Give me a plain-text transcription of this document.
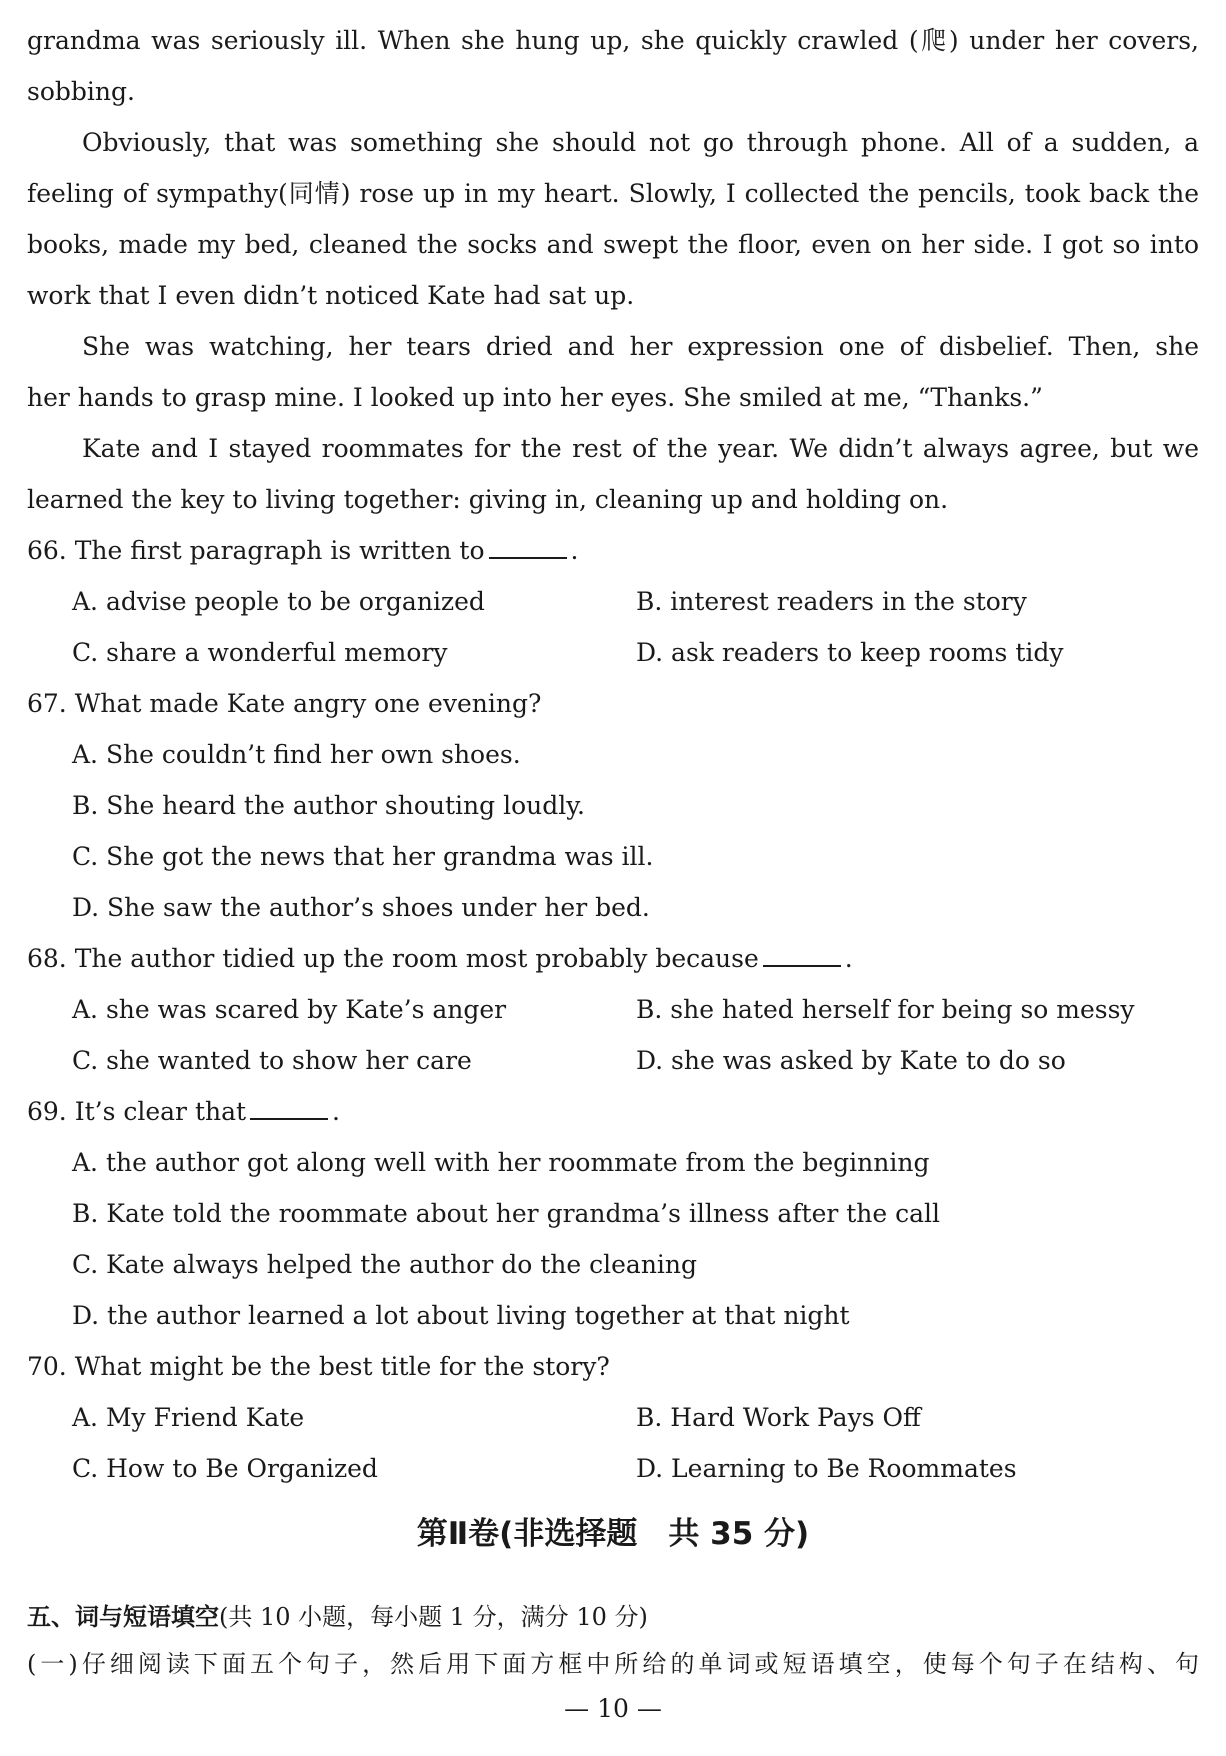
grandma was seriously ill. When she hung up, she quickly crawled (爬) under her covers,
sobbing.
Obviously, that was something she should not go through phone. All of a sudden, a
feeling of sympathy(同情) rose up in my heart. Slowly, I collected the pencils, took back the
books, made my bed, cleaned the socks and swept the floor, even on her side. I got so into
work that I even didn’t noticed Kate had sat up.
She was watching, her tears dried and her expression one of disbelief. Then, she
her hands to grasp mine. I looked up into her eyes. She smiled at me, “Thanks.”
Kate and I stayed roommates for the rest of the year. We didn’t always agree, but we
learned the key to living together: giving in, cleaning up and holding on.
66. The first paragraph is written to	.
A. advise people to be organized	B. interest readers in the story
C. share a wonderful memory	D. ask readers to keep rooms tidy
67. What made Kate angry one evening?
A. She couldn’t find her own shoes.
B. She heard the author shouting loudly.
C. She got the news that her grandma was ill.
D. She saw the author’s shoes under her bed.
68. The author tidied up the room most probably because	.
A. she was scared by Kate’s anger	B. she hated herself for being so messy
C. she wanted to show her care	D. she was asked by Kate to do so
69. It’s clear that	.
A. the author got along well with her roommate from the beginning
B. Kate told the roommate about her grandma’s illness after the call
C. Kate always helped the author do the cleaning
D. the author learned a lot about living together at that night
70. What might be the best title for the story?
A. My Friend Kate	B. Hard Work Pays Off
C. How to Be Organized	D. Learning to Be Roommates
第Ⅱ卷(非选择题　共 35 分)
五、词与短语填空(共 10 小题，每小题 1 分，满分 10 分)
(一)仔细阅读下面五个句子，然后用下面方框中所给的单词或短语填空，使每个句子在结构、句
— 10 —
